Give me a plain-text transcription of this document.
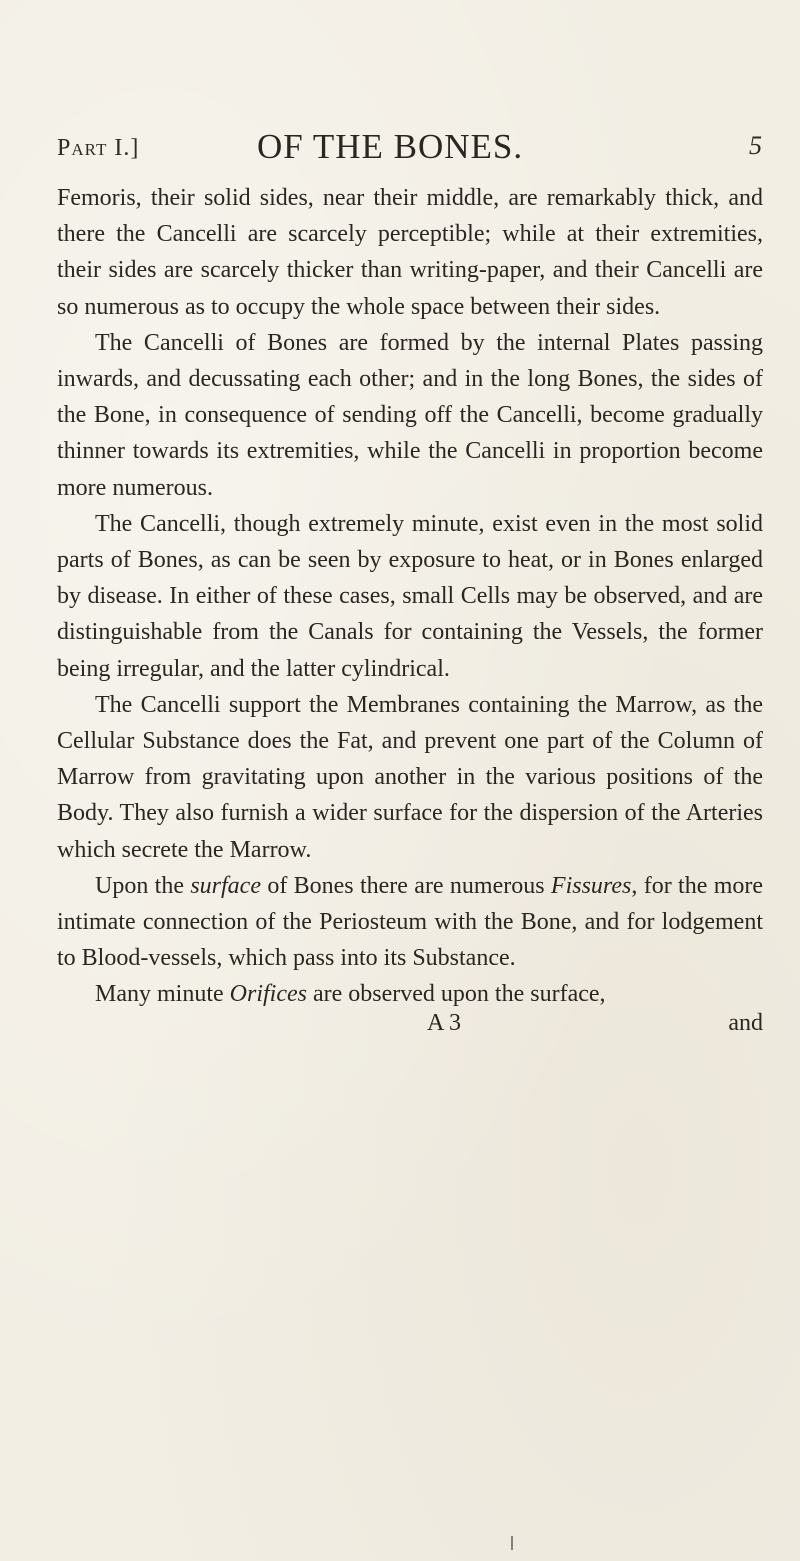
Part I.]	OF THE BONES.	5

Femoris, their solid sides, near their middle, are remarkably thick, and there the Cancelli are scarcely perceptible; while at their extremities, their sides are scarcely thicker than writing-paper, and their Cancelli are so numerous as to occupy the whole space between their sides.

The Cancelli of Bones are formed by the internal Plates passing inwards, and decussating each other; and in the long Bones, the sides of the Bone, in consequence of sending off the Cancelli, become gradually thinner towards its extremities, while the Cancelli in proportion become more numerous.

The Cancelli, though extremely minute, exist even in the most solid parts of Bones, as can be seen by exposure to heat, or in Bones enlarged by disease. In either of these cases, small Cells may be observed, and are distinguishable from the Canals for containing the Vessels, the former being irregular, and the latter cylindrical.

The Cancelli support the Membranes containing the Marrow, as the Cellular Substance does the Fat, and prevent one part of the Column of Marrow from gravitating upon another in the various positions of the Body. They also furnish a wider surface for the dispersion of the Arteries which secrete the Marrow.

Upon the surface of Bones there are numerous Fissures, for the more intimate connection of the Periosteum with the Bone, and for lodgement to Blood-vessels, which pass into its Substance.

Many minute Orifices are observed upon the surface,

A 3	and
